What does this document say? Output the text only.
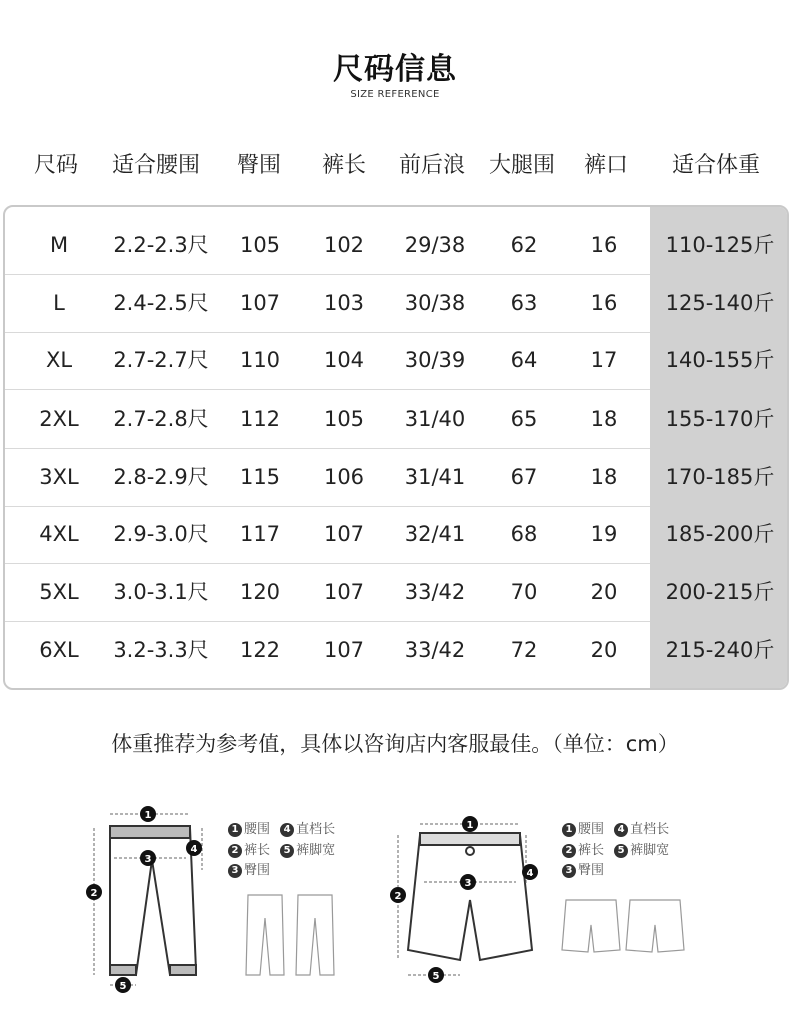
尺码信息
SIZE REFERENCE
尺码	适合腰围	臀围	裤长	前后浪	大腿围	裤口	适合体重
M	2.2-2.3尺	105	102	29/38	62	16	110-125斤
L	2.4-2.5尺	107	103	30/38	63	16	125-140斤
XL	2.7-2.7尺	110	104	30/39	64	17	140-155斤
2XL	2.7-2.8尺	112	105	31/40	65	18	155-170斤
3XL	2.8-2.9尺	115	106	31/41	67	18	170-185斤
4XL	2.9-3.0尺	117	107	32/41	68	19	185-200斤
5XL	3.0-3.1尺	120	107	33/42	70	20	200-215斤
6XL	3.2-3.3尺	122	107	33/42	72	20	215-240斤
体重推荐为参考值，具体以咨询店内客服最佳。（单位：cm）
1
2
3
4
5
1 腰围 4 直档长
2 裤长 5 裤脚宽
3 臀围
1
2
3
4
5
1 腰围 4 直档长
2 裤长 5 裤脚宽
3 臀围
